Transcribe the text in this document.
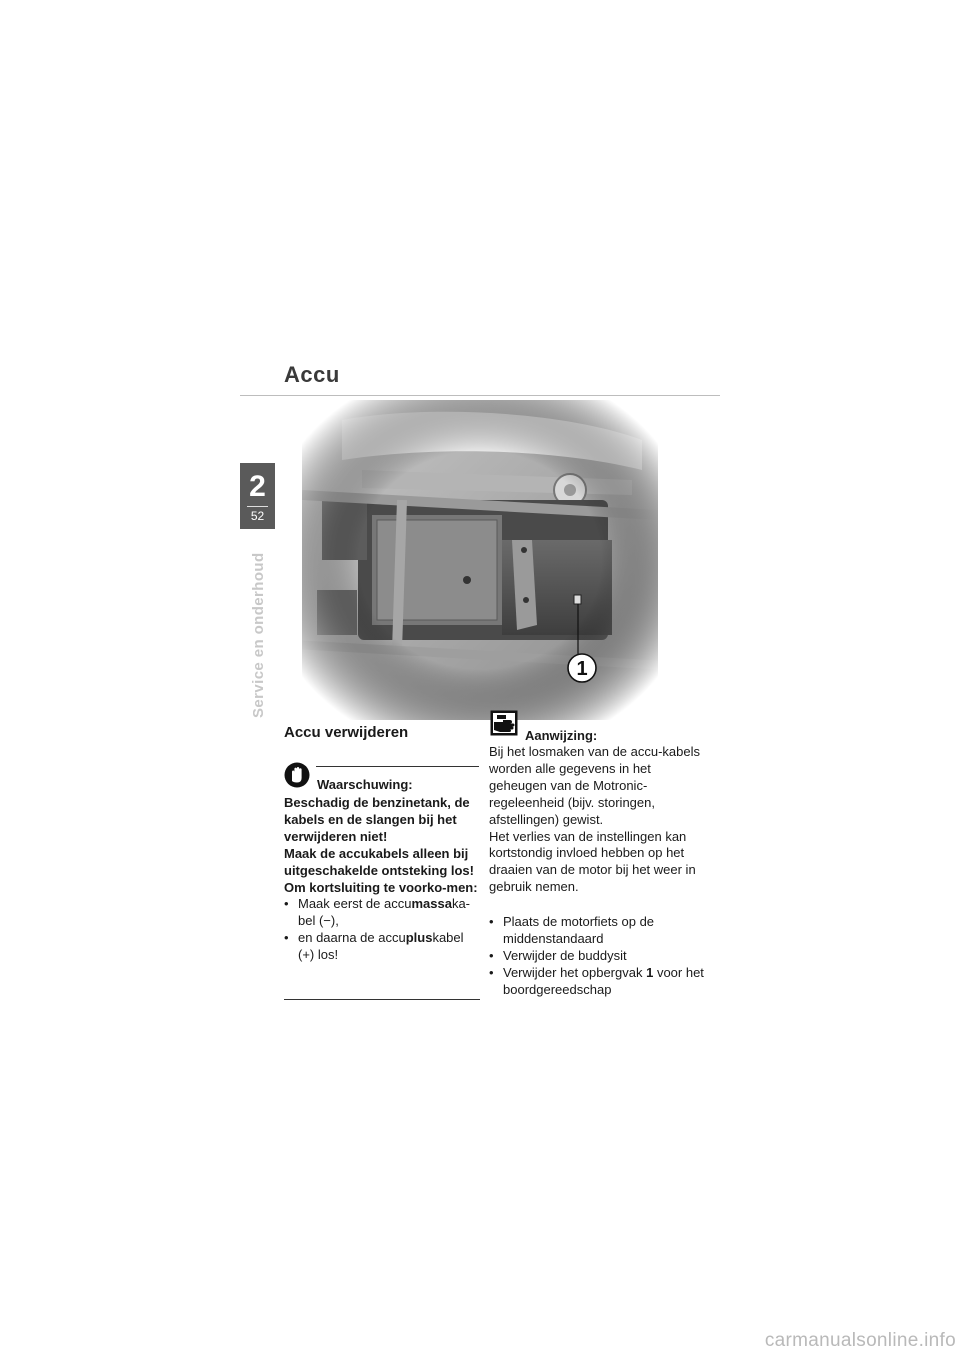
Accu
2
52
Service en onderhoud	1
Accu verwijderen
Waarschuwing:

Beschadig de benzinetank, de kabels en de slangen bij het verwijderen niet!

Maak de accukabels alleen bij uitgeschakelde ontsteking los!

Om kortsluiting te voorko-men:

• Maak eerst de accumassaka-bel (−),
• en daarna de accupluskabel (+) los!
Aanwijzing:

Bij het losmaken van de accu-kabels worden alle gegevens in het geheugen van de Motronic-regeleenheid (bijv. storingen, afstellingen) gewist.

Het verlies van de instellingen kan kortstondig invloed hebben op het draaien van de motor bij het weer in gebruik nemen.

• Plaats de motorfiets op de middenstandaard
• Verwijder de buddysit
• Verwijder het opbergvak 1 voor het boordgereedschap
carmanualsonline.info
